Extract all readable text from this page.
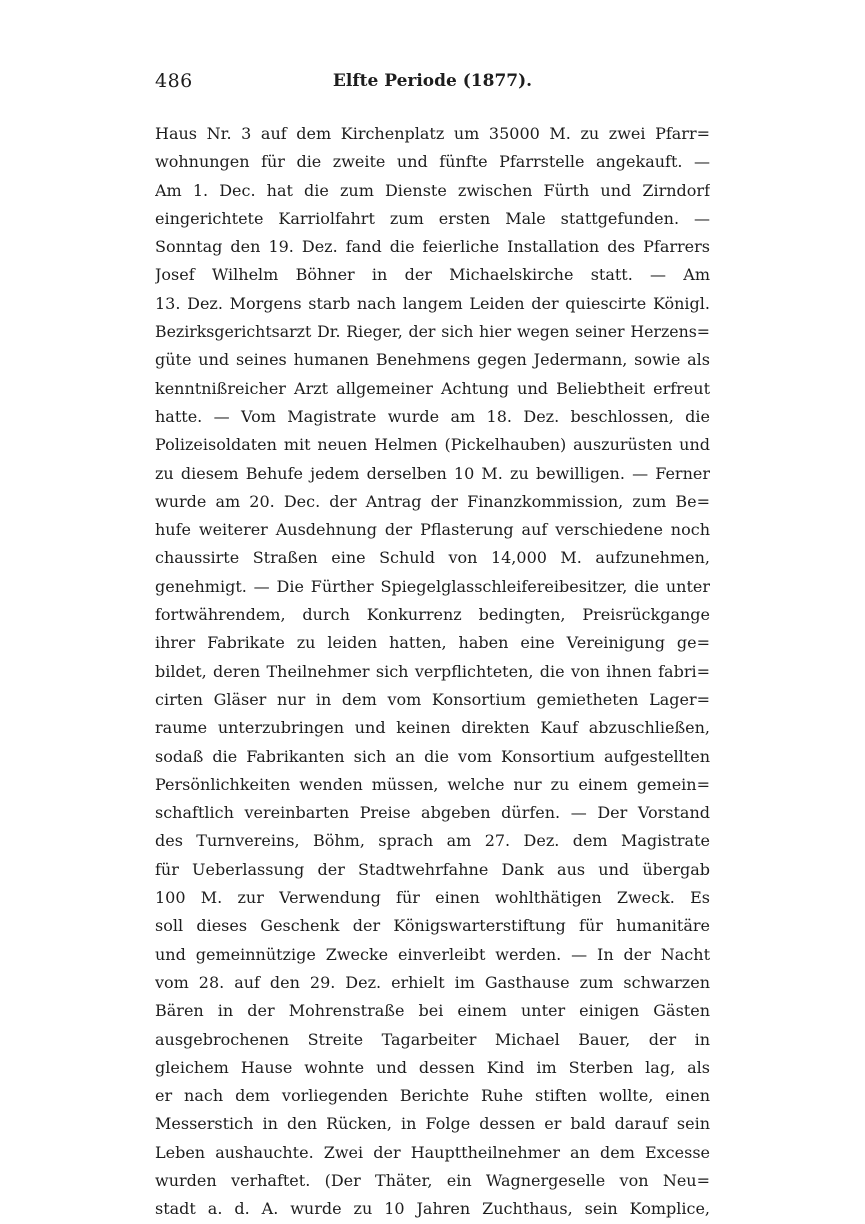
486	Elfte Periode (1877).
Haus Nr. 3 auf dem Kirchenplatz um 35000 M. zu zwei Pfarr=
wohnungen für die zweite und fünfte Pfarrstelle angekauft. —
Am 1. Dec. hat die zum Dienste zwischen Fürth und Zirndorf
eingerichtete Karriolfahrt zum ersten Male stattgefunden. —
Sonntag den 19. Dez. fand die feierliche Installation des Pfarrers
Josef Wilhelm Böhner in der Michaelskirche statt. — Am
13. Dez. Morgens starb nach langem Leiden der quiescirte Königl.
Bezirksgerichtsarzt Dr. Rieger, der sich hier wegen seiner Herzens=
güte und seines humanen Benehmens gegen Jedermann, sowie als
kenntnißreicher Arzt allgemeiner Achtung und Beliebtheit erfreut
hatte. — Vom Magistrate wurde am 18. Dez. beschlossen, die
Polizeisoldaten mit neuen Helmen (Pickelhauben) auszurüsten und
zu diesem Behufe jedem derselben 10 M. zu bewilligen. — Ferner
wurde am 20. Dec. der Antrag der Finanzkommission, zum Be=
hufe weiterer Ausdehnung der Pflasterung auf verschiedene noch
chaussirte Straßen eine Schuld von 14,000 M. aufzunehmen,
genehmigt. — Die Fürther Spiegelglasschleifereibesitzer, die unter
fortwährendem, durch Konkurrenz bedingten, Preisrückgange
ihrer Fabrikate zu leiden hatten, haben eine Vereinigung ge=
bildet, deren Theilnehmer sich verpflichteten, die von ihnen fabri=
cirten Gläser nur in dem vom Konsortium gemietheten Lager=
raume unterzubringen und keinen direkten Kauf abzuschließen,
sodaß die Fabrikanten sich an die vom Konsortium aufgestellten
Persönlichkeiten wenden müssen, welche nur zu einem gemein=
schaftlich vereinbarten Preise abgeben dürfen. — Der Vorstand
des Turnvereins, Böhm, sprach am 27. Dez. dem Magistrate
für Ueberlassung der Stadtwehrfahne Dank aus und übergab
100 M. zur Verwendung für einen wohlthätigen Zweck. Es
soll dieses Geschenk der Königswarterstiftung für humanitäre
und gemeinnützige Zwecke einverleibt werden. — In der Nacht
vom 28. auf den 29. Dez. erhielt im Gasthause zum schwarzen
Bären in der Mohrenstraße bei einem unter einigen Gästen
ausgebrochenen Streite Tagarbeiter Michael Bauer, der in
gleichem Hause wohnte und dessen Kind im Sterben lag, als
er nach dem vorliegenden Berichte Ruhe stiften wollte, einen
Messerstich in den Rücken, in Folge dessen er bald darauf sein
Leben aushauchte. Zwei der Haupttheilnehmer an dem Excesse
wurden verhaftet. (Der Thäter, ein Wagnergeselle von Neu=
stadt a. d. A. wurde zu 10 Jahren Zuchthaus, sein Komplice,
